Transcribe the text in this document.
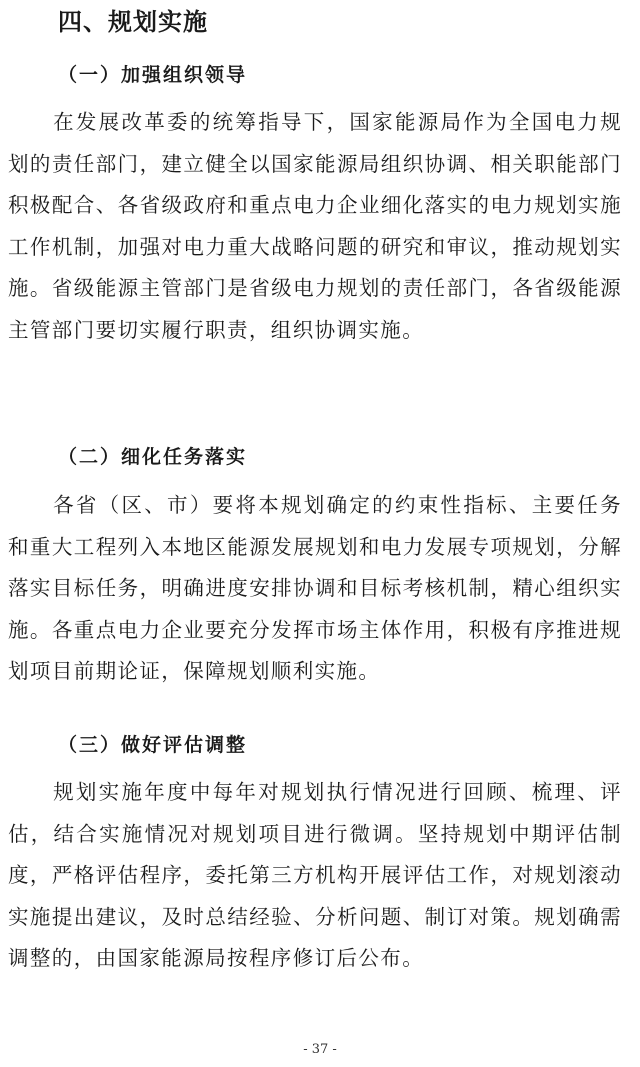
四、规划实施
（一）加强组织领导

在发展改革委的统筹指导下，国家能源局作为全国电力规划的责任部门，建立健全以国家能源局组织协调、相关职能部门积极配合、各省级政府和重点电力企业细化落实的电力规划实施工作机制，加强对电力重大战略问题的研究和审议，推动规划实施。省级能源主管部门是省级电力规划的责任部门，各省级能源主管部门要切实履行职责，组织协调实施。

（二）细化任务落实

各省（区、市）要将本规划确定的约束性指标、主要任务和重大工程列入本地区能源发展规划和电力发展专项规划，分解落实目标任务，明确进度安排协调和目标考核机制，精心组织实施。各重点电力企业要充分发挥市场主体作用，积极有序推进规划项目前期论证，保障规划顺利实施。

（三）做好评估调整

规划实施年度中每年对规划执行情况进行回顾、梳理、评估，结合实施情况对规划项目进行微调。坚持规划中期评估制度，严格评估程序，委托第三方机构开展评估工作，对规划滚动实施提出建议，及时总结经验、分析问题、制订对策。规划确需调整的，由国家能源局按程序修订后公布。

- 37 -
